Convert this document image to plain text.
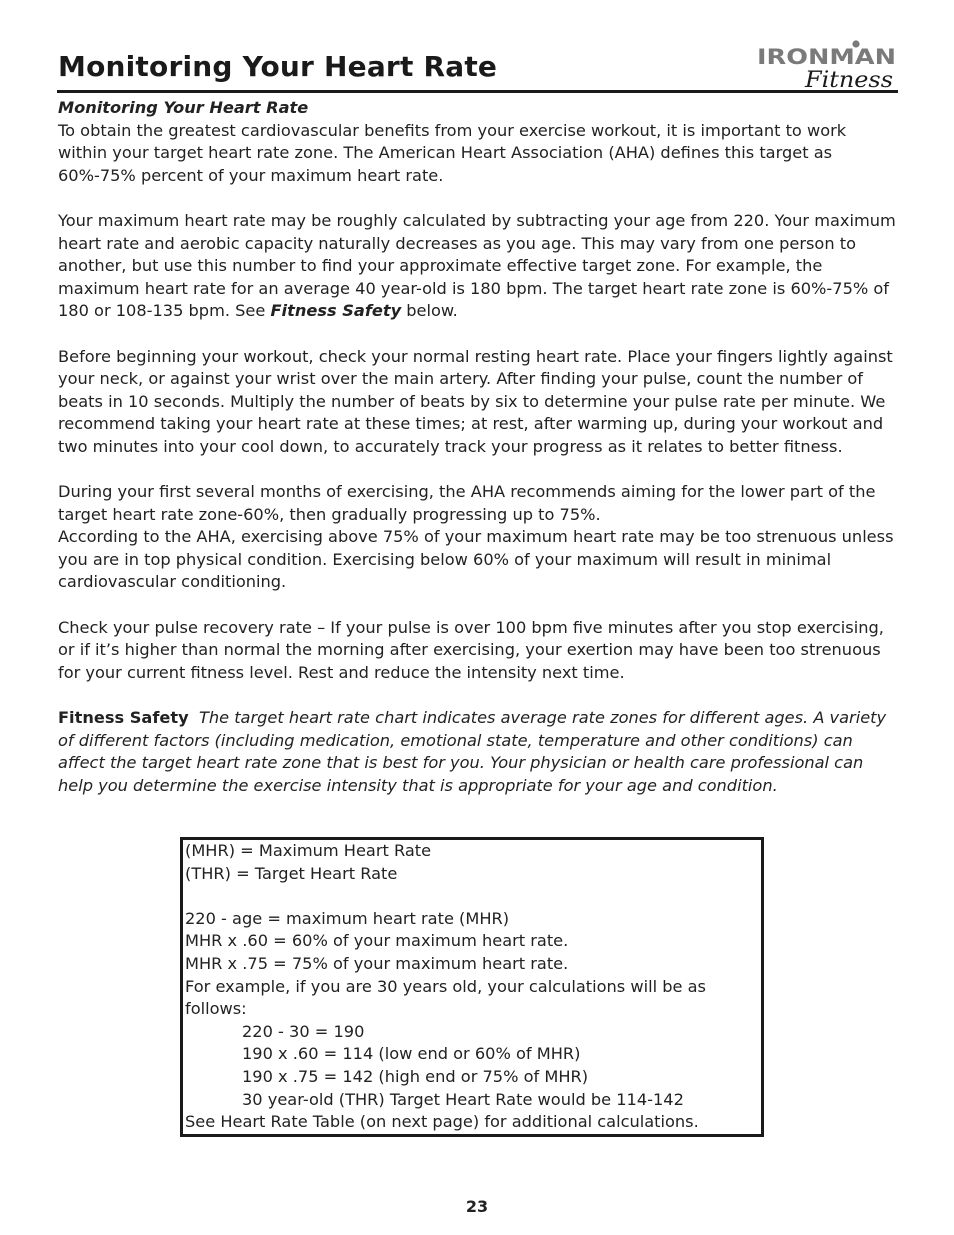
Monitoring Your Heart Rate	IRONMAN
Fitness

Monitoring Your Heart Rate
To obtain the greatest cardiovascular benefits from your exercise workout, it is important to work within your target heart rate zone. The American Heart Association (AHA) defines this target as 60%-75% percent of your maximum heart rate.

Your maximum heart rate may be roughly calculated by subtracting your age from 220. Your maximum heart rate and aerobic capacity naturally decreases as you age. This may vary from one person to another, but use this number to find your approximate effective target zone. For example, the maximum heart rate for an average 40 year-old is 180 bpm. The target heart rate zone is 60%-75% of 180 or 108-135 bpm. See Fitness Safety below.

Before beginning your workout, check your normal resting heart rate. Place your fingers lightly against your neck, or against your wrist over the main artery. After finding your pulse, count the number of beats in 10 seconds. Multiply the number of beats by six to determine your pulse rate per minute. We recommend taking your heart rate at these times; at rest, after warming up, during your workout and two minutes into your cool down, to accurately track your progress as it relates to better fitness.

During your first several months of exercising, the AHA recommends aiming for the lower part of the target heart rate zone-60%, then gradually progressing up to 75%.

According to the AHA, exercising above 75% of your maximum heart rate may be too strenuous unless you are in top physical condition. Exercising below 60% of your maximum will result in minimal cardiovascular conditioning.

Check your pulse recovery rate – If your pulse is over 100 bpm five minutes after you stop exercising, or if it’s higher than normal the morning after exercising, your exertion may have been too strenuous for your current fitness level. Rest and reduce the intensity next time.

Fitness Safety The target heart rate chart indicates average rate zones for different ages. A variety of different factors (including medication, emotional state, temperature and other conditions) can affect the target heart rate zone that is best for you. Your physician or health care professional can help you determine the exercise intensity that is appropriate for your age and condition.

(MHR) = Maximum Heart Rate
(THR) = Target Heart Rate
220 - age = maximum heart rate (MHR)
MHR x .60 = 60% of your maximum heart rate.
MHR x .75 = 75% of your maximum heart rate.
For example, if you are 30 years old, your calculations will be as follows:
220 - 30 = 190
190 x .60 = 114 (low end or 60% of MHR)
190 x .75 = 142 (high end or 75% of MHR)
30 year-old (THR) Target Heart Rate would be 114-142
See Heart Rate Table (on next page) for additional calculations.
23
